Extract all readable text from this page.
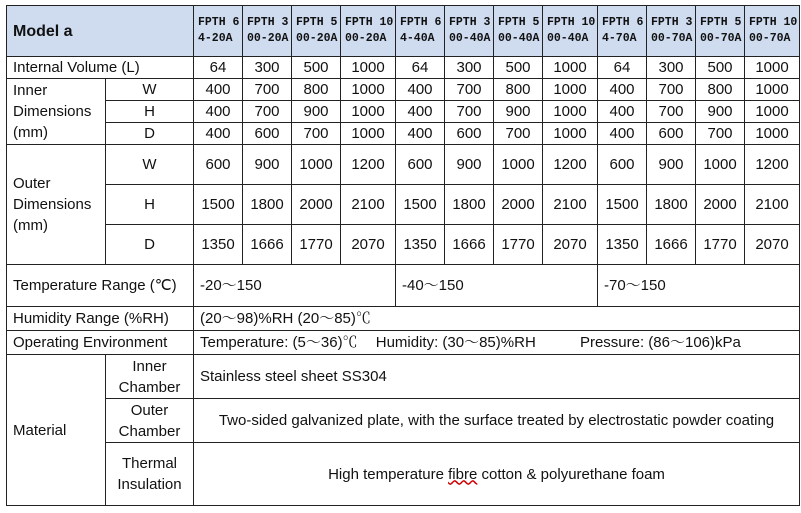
Model a		FPTH 64-20A	FPTH 300-20A	FPTH 500-20A	FPTH 1000-20A	FPTH 64-40A	FPTH 300-40A	FPTH 500-40A	FPTH 1000-40A	FPTH 64-70A	FPTH 300-70A	FPTH 500-70A	FPTH 1000-70A
Internal Volume (L)		64	300	500	1000	64	300	500	1000	64	300	500	1000
Inner Dimensions (mm)	W	400	700	800	1000	400	700	800	1000	400	700	800	1000
	H	400	700	900	1000	400	700	900	1000	400	700	900	1000
	D	400	600	700	1000	400	600	700	1000	400	600	700	1000
Outer Dimensions (mm)	W	600	900	1000	1200	600	900	1000	1200	600	900	1000	1200
	H	1500	1800	2000	2100	1500	1800	2000	2100	1500	1800	2000	2100
	D	1350	1666	1770	2070	1350	1666	1770	2070	1350	1666	1770	2070
Temperature Range (℃)		-20～150				-40～150				-70～150			
Humidity Range (%RH)		(20～98)%RH (20～85)℃											
Operating Environment		Temperature: (5～36)℃ Humidity: (30～85)%RH Pressure: (86～106)kPa											
Material	Inner Chamber	Stainless steel sheet SS304											
	Outer Chamber	Two-sided galvanized plate, with the surface treated by electrostatic powder coating											
	Thermal Insulation	High temperature fibre cotton & polyurethane foam											
